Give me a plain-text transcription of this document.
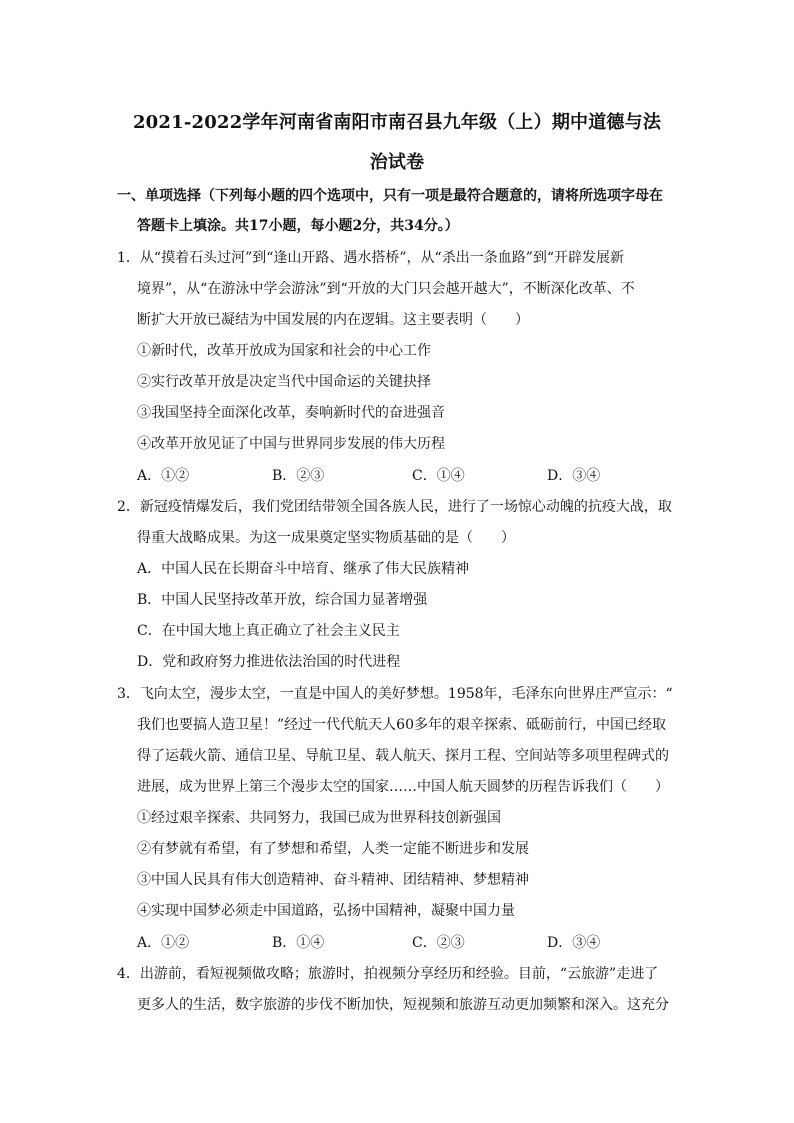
2021-2022学年河南省南阳市南召县九年级（上）期中道德与法
治试卷
一、单项选择（下列每小题的四个选项中，只有一项是最符合题意的，请将所选项字母在
答题卡上填涂。共17小题，每小题2分，共34分。）
1．从“摸着石头过河”到“逢山开路、遇水搭桥”，从“杀出一条血路”到“开辟发展新
境界”，从“在游泳中学会游泳”到“开放的大门只会越开越大”，不断深化改革、不
断扩大开放已凝结为中国发展的内在逻辑。这主要表明（　　）
①新时代，改革开放成为国家和社会的中心工作
②实行改革开放是决定当代中国命运的关键抉择
③我国坚持全面深化改革，奏响新时代的奋进强音
④改革开放见证了中国与世界同步发展的伟大历程
A．①②	B．②③	C．①④	D．③④
2．新冠疫情爆发后，我们党团结带领全国各族人民，进行了一场惊心动魄的抗疫大战，取
得重大战略成果。为这一成果奠定坚实物质基础的是（　　）
A．中国人民在长期奋斗中培育、继承了伟大民族精神
B．中国人民坚持改革开放，综合国力显著增强
C．在中国大地上真正确立了社会主义民主
D．党和政府努力推进依法治国的时代进程
3．飞向太空，漫步太空，一直是中国人的美好梦想。1958年，毛泽东向世界庄严宣示：“
我们也要搞人造卫星！”经过一代代航天人60多年的艰辛探索、砥砺前行，中国已经取
得了运载火箭、通信卫星、导航卫星、载人航天、探月工程、空间站等多项里程碑式的
进展，成为世界上第三个漫步太空的国家……中国人航天圆梦的历程告诉我们（　　）
①经过艰辛探索、共同努力，我国已成为世界科技创新强国
②有梦就有希望，有了梦想和希望，人类一定能不断进步和发展
③中国人民具有伟大创造精神、奋斗精神、团结精神、梦想精神
④实现中国梦必须走中国道路，弘扬中国精神，凝聚中国力量
A．①②	B．①④	C．②③	D．③④
4．出游前，看短视频做攻略；旅游时，拍视频分享经历和经验。目前，“云旅游”走进了
更多人的生活，数字旅游的步伐不断加快，短视频和旅游互动更加频繁和深入。这充分
